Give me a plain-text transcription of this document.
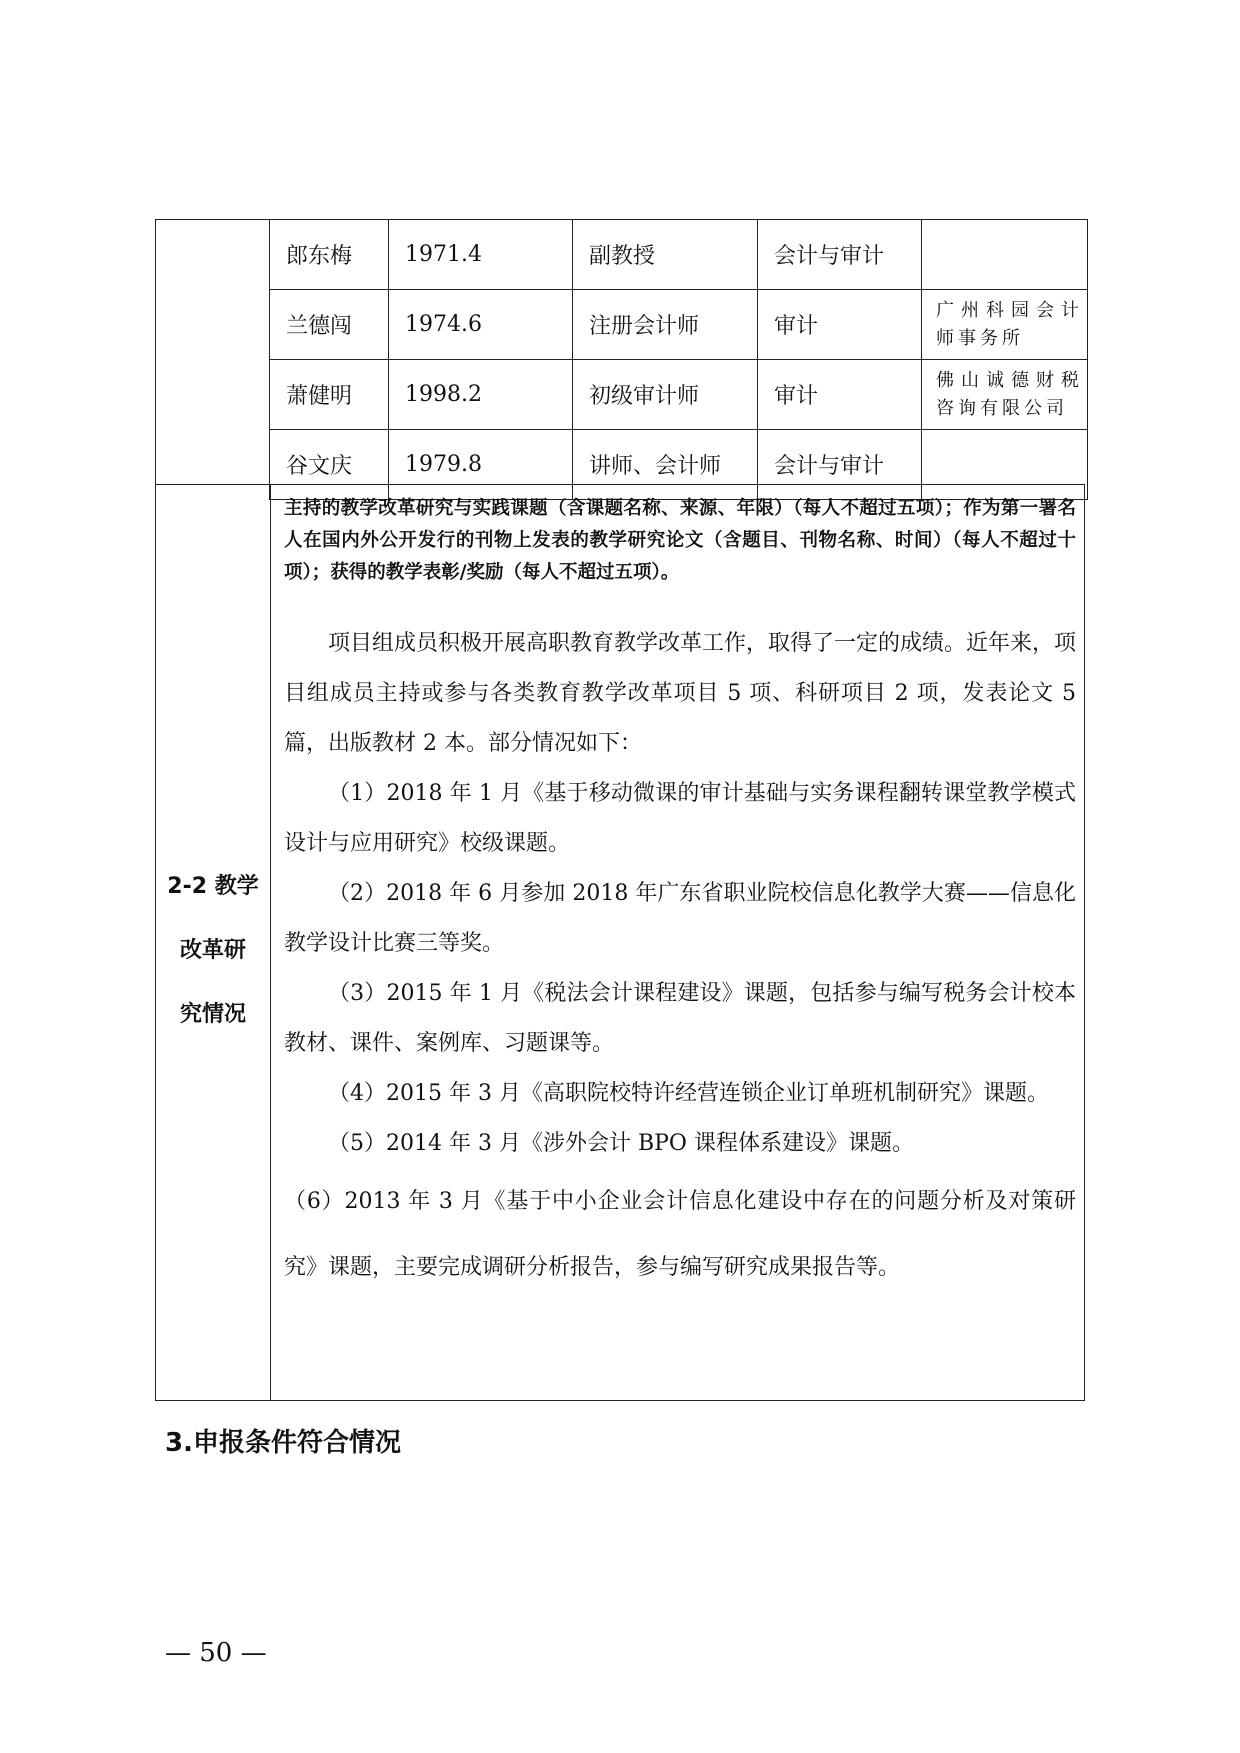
	郎东梅	1971.4	副教授	会计与审计	
	兰德闯	1974.6	注册会计师	审计	广州科园会计师事务所
	萧健明	1998.2	初级审计师	审计	佛山诚德财税咨询有限公司
	谷文庆	1979.8	讲师、会计师	会计与审计	
2-2 教学
改革研
究情况
主持的教学改革研究与实践课题（含课题名称、来源、年限）（每人不超过五项）；作为第一署名人在国内外公开发行的刊物上发表的教学研究论文（含题目、刊物名称、时间）（每人不超过十项）；获得的教学表彰/奖励（每人不超过五项）。
项目组成员积极开展高职教育教学改革工作，取得了一定的成绩。近年来，项目组成员主持或参与各类教育教学改革项目 5 项、科研项目 2 项，发表论文 5 篇，出版教材 2 本。部分情况如下：
（1）2018 年 1 月《基于移动微课的审计基础与实务课程翻转课堂教学模式设计与应用研究》校级课题。
（2）2018 年 6 月参加 2018 年广东省职业院校信息化教学大赛——信息化教学设计比赛三等奖。
（3）2015 年 1 月《税法会计课程建设》课题，包括参与编写税务会计校本教材、课件、案例库、习题课等。
（4）2015 年 3 月《高职院校特许经营连锁企业订单班机制研究》课题。
（5）2014 年 3 月《涉外会计 BPO 课程体系建设》课题。
（6）2013 年 3 月《基于中小企业会计信息化建设中存在的问题分析及对策研究》课题，主要完成调研分析报告，参与编写研究成果报告等。
3.申报条件符合情况
— 50 —
